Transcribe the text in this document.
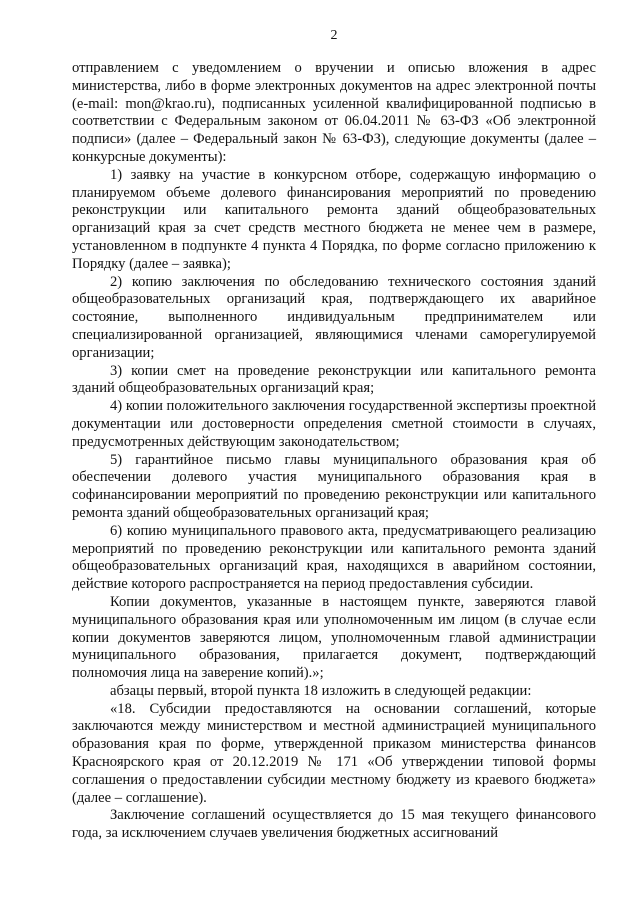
2

отправлением с уведомлением о вручении и описью вложения в адрес министерства, либо в форме электронных документов на адрес электронной почты (e-mail: mon@krao.ru), подписанных усиленной квалифицированной подписью в соответствии с Федеральным законом от 06.04.2011 № 63-ФЗ «Об электронной подписи» (далее – Федеральный закон № 63-ФЗ), следующие документы (далее – конкурсные документы):

1) заявку на участие в конкурсном отборе, содержащую информацию о планируемом объеме долевого финансирования мероприятий по проведению реконструкции или капитального ремонта зданий общеобразовательных организаций края за счет средств местного бюджета не менее чем в размере, установленном в подпункте 4 пункта 4 Порядка, по форме согласно приложению к Порядку (далее – заявка);

2) копию заключения по обследованию технического состояния зданий общеобразовательных организаций края, подтверждающего их аварийное состояние, выполненного индивидуальным предпринимателем или специализированной организацией, являющимися членами саморегулируемой организации;

3) копии смет на проведение реконструкции или капитального ремонта зданий общеобразовательных организаций края;

4) копии положительного заключения государственной экспертизы проектной документации или достоверности определения сметной стоимости в случаях, предусмотренных действующим законодательством;

5) гарантийное письмо главы муниципального образования края об обеспечении долевого участия муниципального образования края в софинансировании мероприятий по проведению реконструкции или капитального ремонта зданий общеобразовательных организаций края;

6) копию муниципального правового акта, предусматривающего реализацию мероприятий по проведению реконструкции или капитального ремонта зданий общеобразовательных организаций края, находящихся в аварийном состоянии, действие которого распространяется на период предоставления субсидии.

Копии документов, указанные в настоящем пункте, заверяются главой муниципального образования края или уполномоченным им лицом (в случае если копии документов заверяются лицом, уполномоченным главой администрации муниципального образования, прилагается документ, подтверждающий полномочия лица на заверение копий).»;

абзацы первый, второй пункта 18 изложить в следующей редакции:

«18. Субсидии предоставляются на основании соглашений, которые заключаются между министерством и местной администрацией муниципального образования края по форме, утвержденной приказом министерства финансов Красноярского края от 20.12.2019 № 171 «Об утверждении типовой формы соглашения о предоставлении субсидии местному бюджету из краевого бюджета» (далее – соглашение).

Заключение соглашений осуществляется до 15 мая текущего финансового года, за исключением случаев увеличения бюджетных ассигнований
